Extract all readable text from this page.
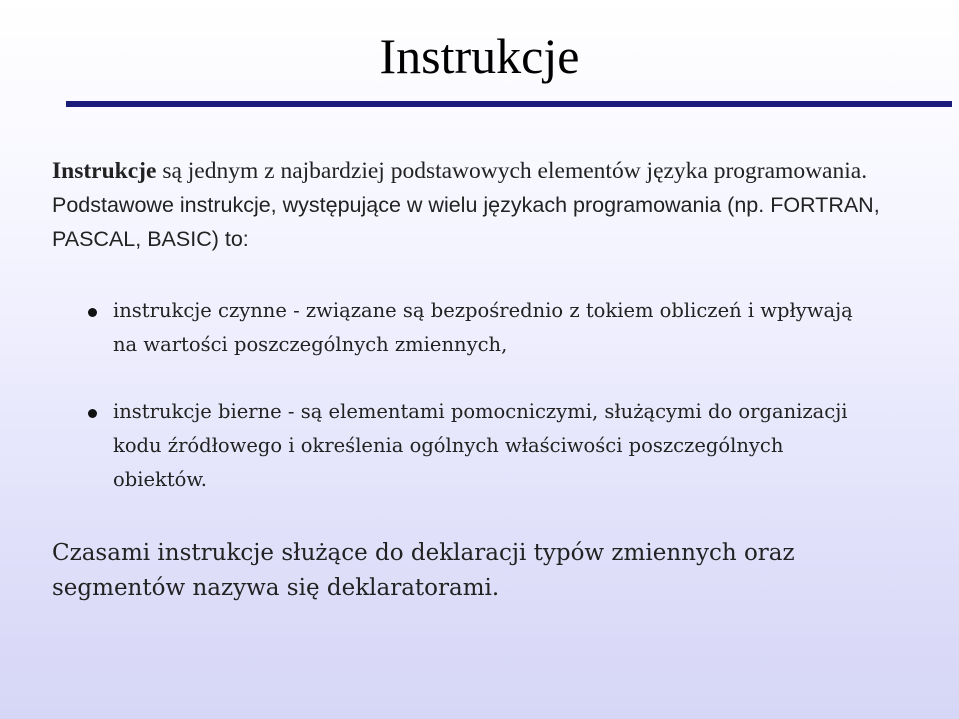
Instrukcje
Instrukcje są jednym z najbardziej podstawowych elementów języka programowania. Podstawowe instrukcje, występujące w wielu językach programowania (np. FORTRAN, PASCAL, BASIC) to:
instrukcje czynne - związane są bezpośrednio z tokiem obliczeń i wpływają na wartości poszczególnych zmiennych,
instrukcje bierne - są elementami pomocniczymi, służącymi do organizacji kodu źródłowego i określenia ogólnych właściwości poszczególnych obiektów.
Czasami instrukcje służące do deklaracji typów zmiennych oraz segmentów nazywa się deklaratorami.
